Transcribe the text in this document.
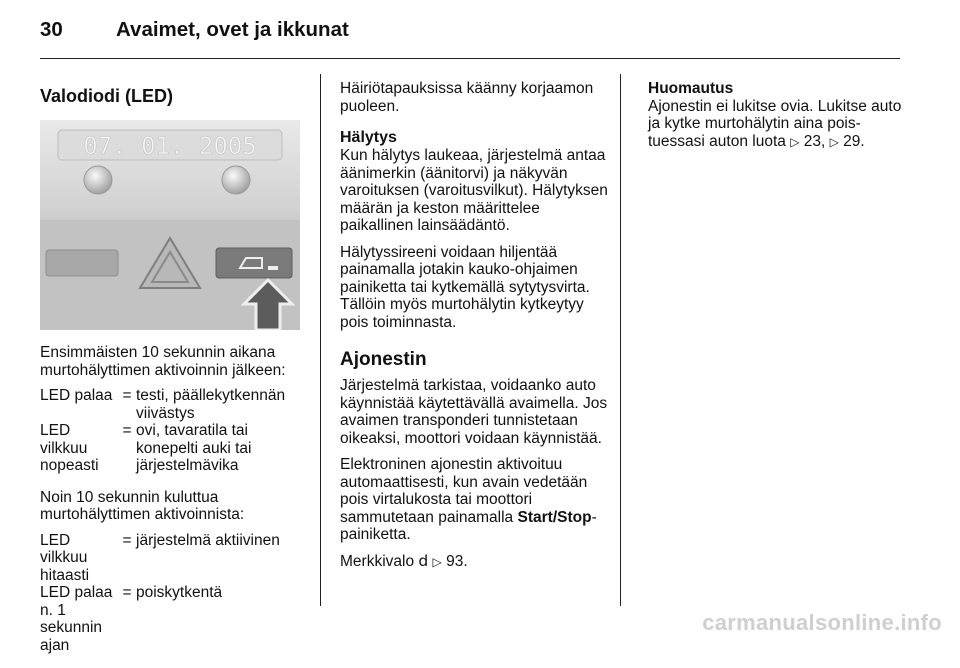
30	Avaimet, ovet ja ikkunat
Valodiodi (LED)
07. 01. 2005

Ensimmäisten 10 sekunnin aikana murtohälyttimen aktivoinnin jälkeen:

LED palaa = testi, päällekytkennän viivästys
LED vilkkuu nopeasti
= ovi, tavaratila tai konepelti auki tai järjestelmävika

Noin 10 sekunnin kuluttua murtohälyttimen aktivoinnista:

LED vilkkuu hitaasti
= järjestelmä aktiivinen
LED palaa n. 1 sekunnin ajan
= poiskytkentä

Häiriötapauksissa käänny korjaamon puoleen.

Hälytys

Kun hälytys laukeaa, järjestelmä antaa äänimerkin (äänitorvi) ja näkyvän varoituksen (varoitusvilkut). Hälytyksen määrän ja keston määrittelee paikallinen lainsäädäntö.

Hälytyssireeni voidaan hiljentää painamalla jotakin kauko-ohjaimen painiketta tai kytkemällä sytytysvirta. Tällöin myös murtohälytin kytkeytyy pois toiminnasta.

Ajonestin

Järjestelmä tarkistaa, voidaanko auto käynnistää käytettävällä avaimella. Jos avaimen transponderi tunnistetaan oikeaksi, moottori voidaan käynnistää.

Elektroninen ajonestin aktivoituu automaattisesti, kun avain vedetään pois virtalukosta tai moottori sammutetaan painamalla Start/Stop-painiketta.

Merkkivalo d ▷ 93.

Huomautus

Ajonestin ei lukitse ovia. Lukitse auto ja kytke murtohälytin aina pois-tuessasi auton luota ▷ 23, ▷ 29.

carmanualsonline.info
